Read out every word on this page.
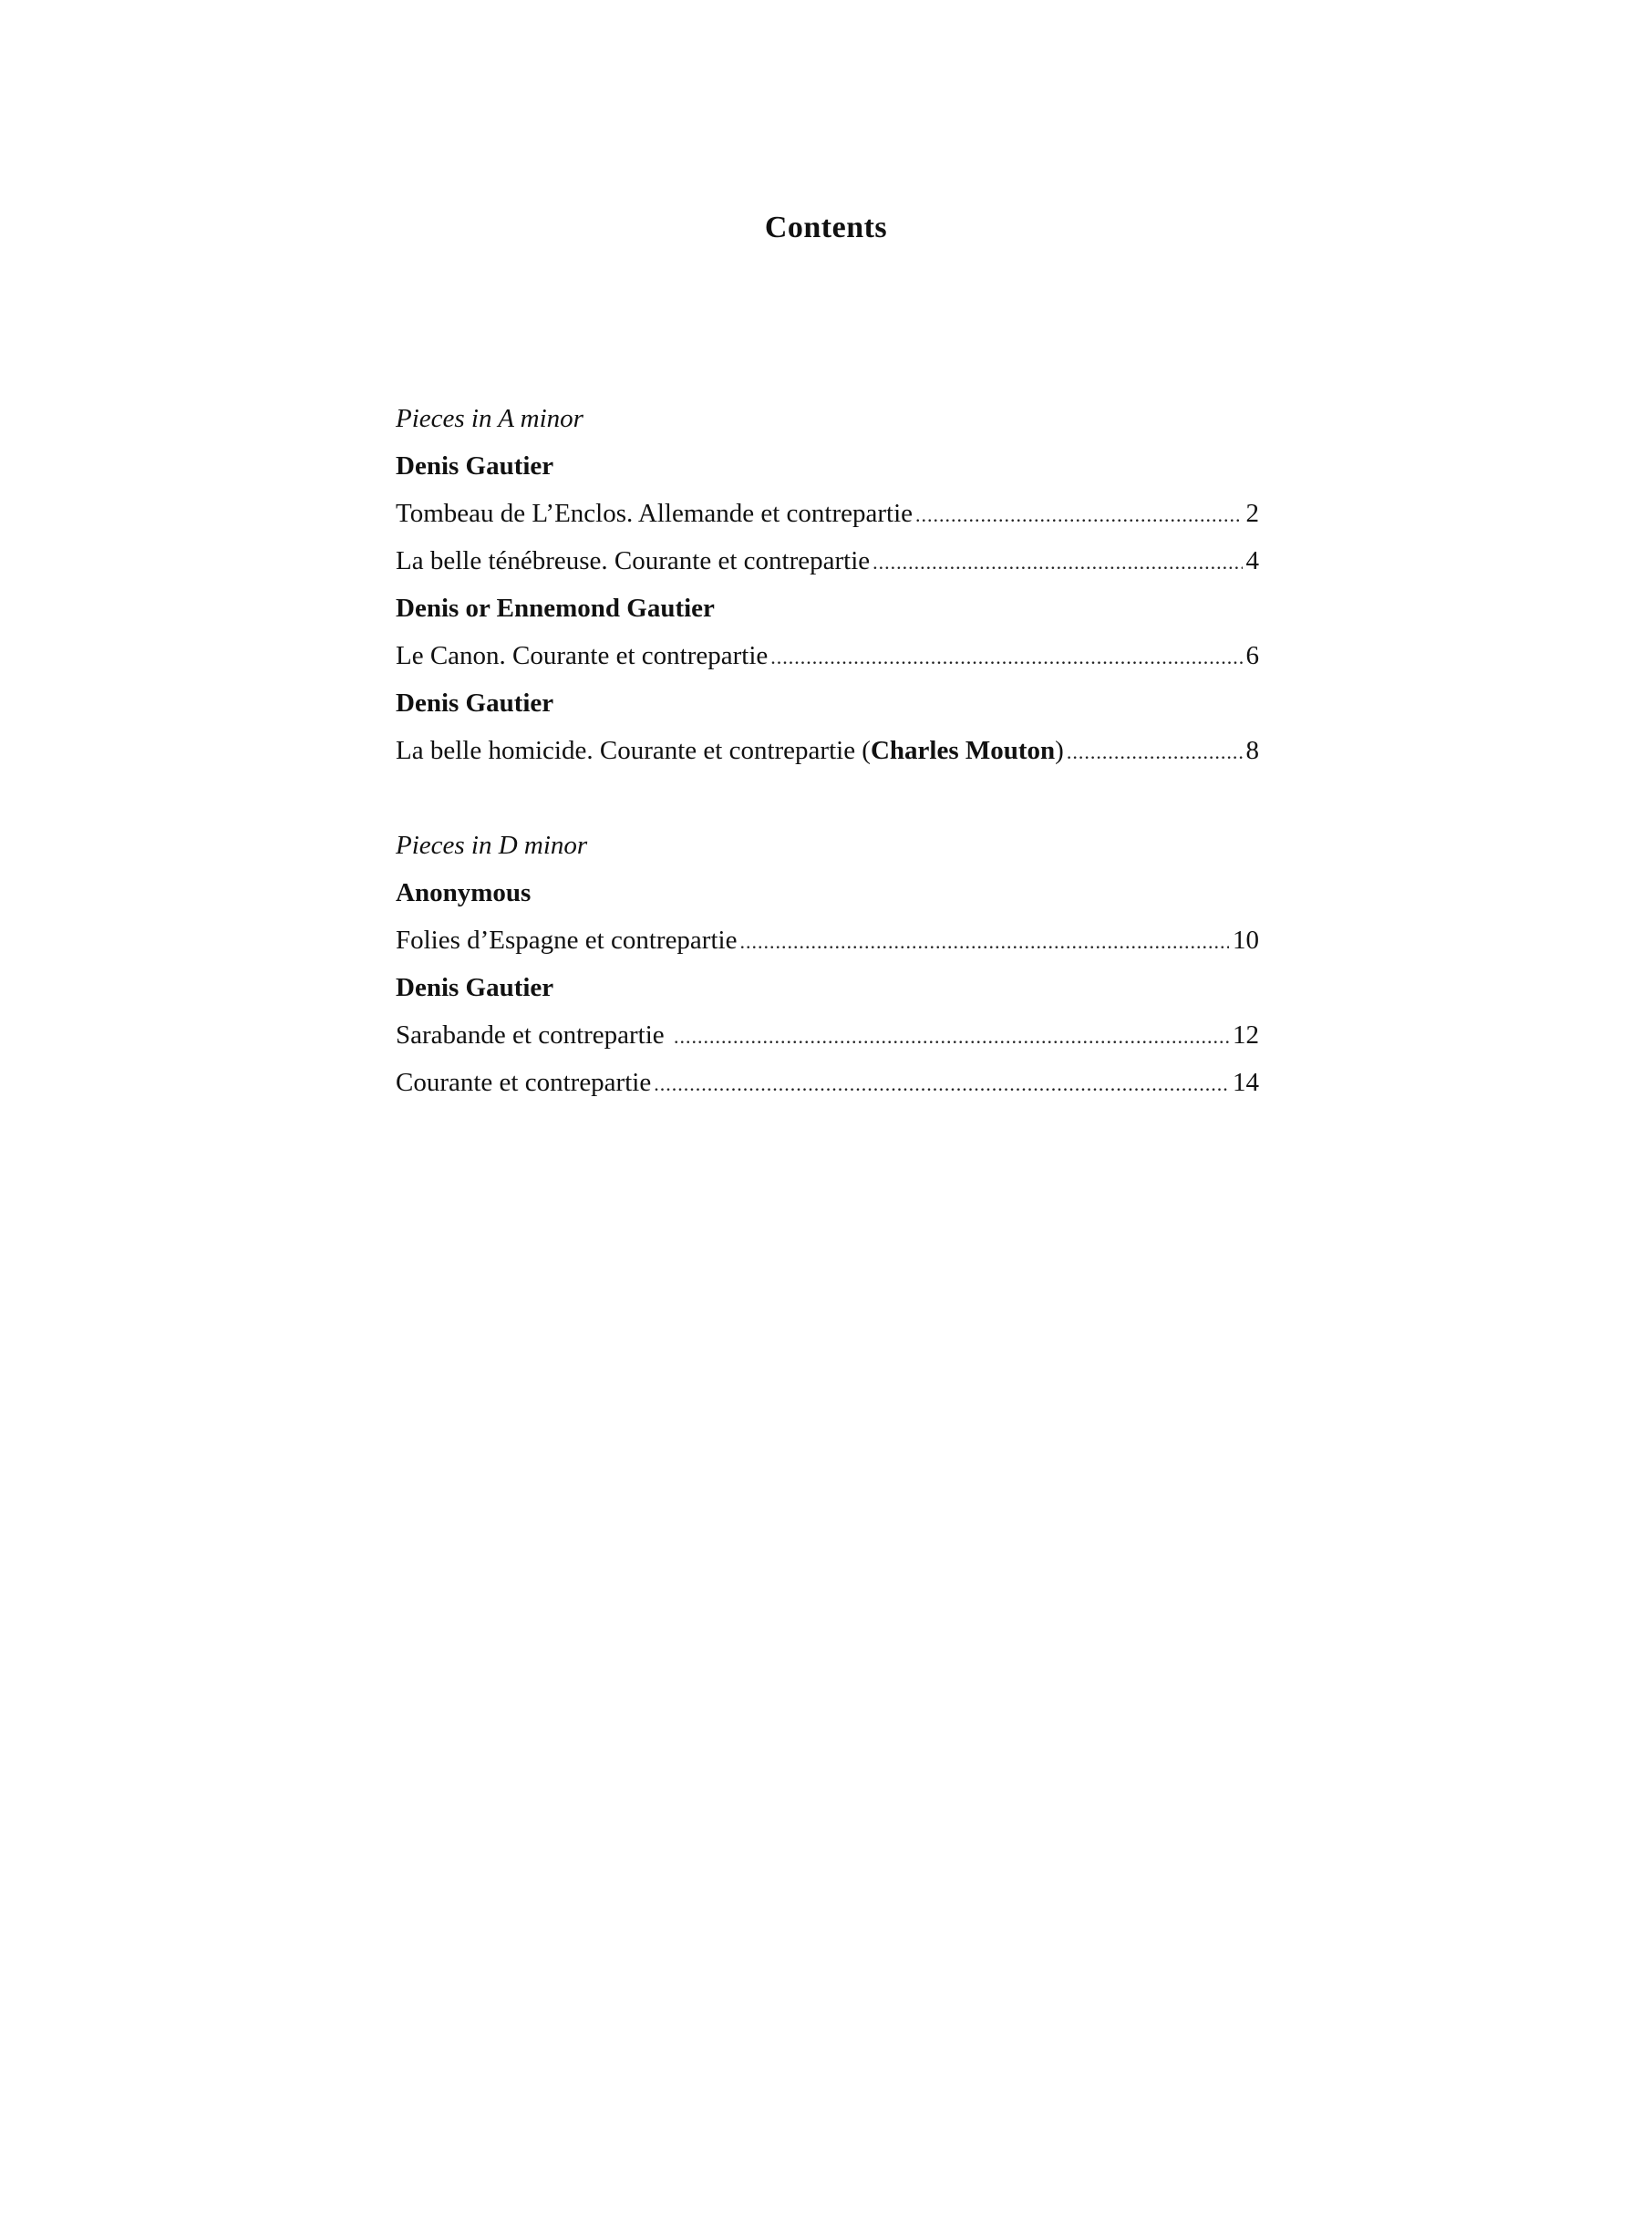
Contents
Pieces in A minor
Denis Gautier
Tombeau de L’Enclos. Allemande et contrepartie .....	2
La belle ténébreuse. Courante et contrepartie .....	4
Denis or Ennemond Gautier
Le Canon. Courante et contrepartie .....	6
Denis Gautier
La belle homicide. Courante et contrepartie (Charles Mouton) .....	8
Pieces in D minor
Anonymous
Folies d’Espagne et contrepartie .....	10
Denis Gautier
Sarabande et contrepartie .....	12
Courante et contrepartie .....	14
